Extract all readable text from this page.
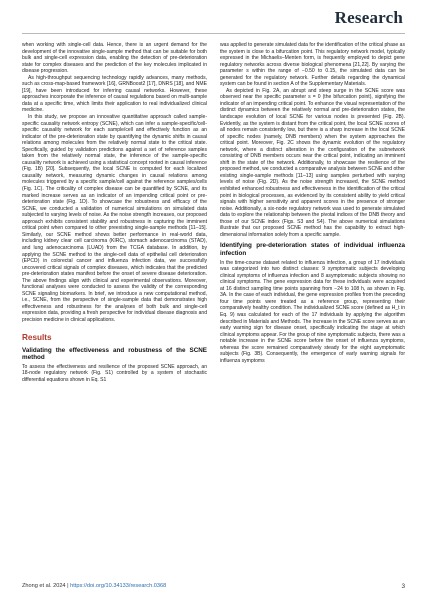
Research

when working with single-cell data. Hence, there is an urgent demand for the development of the innovative single-sample method that can be suitable for both bulk and single-cell expression data, enabling the detection of pre-deterioration state for complex diseases and the prediction of the key molecules implicated in disease progression.

As high-throughput sequencing technology rapidly advances, many methods, such as cross-map-based framework [16], GRNBoost2 [17], DNRS [18], and NME [19], have been introduced for inferring causal networks. However, these approaches incorporate the inference of causal regulations based on multi-sample data at a specific time, which limits their application to real individualized clinical medicine.

In this study, we propose an innovative quantitative approach called sample-specific causality network entropy (SCNE), which can infer a sample-specific/cell-specific causality network for each sample/cell and effectively function as an indicator of the pre-deterioration state by quantifying the dynamic shifts in causal relations among molecules from the relatively normal state to the critical state. Specifically, guided by validation predictions against a set of reference samples taken from the relatively normal state, the inference of the sample-specific causality network is achieved using a statistical concept rooted in causal inference (Fig. 1B) [20]. Subsequently, the local SCNE is computed for each localized causality network, measuring dynamic changes in causal relations among molecules triggered by a specific sample/cell against the reference samples/cells (Fig. 1C). The criticality of complex disease can be quantified by SCNE, and its marked increase serves as an indicator of an impending critical point or pre-deterioration state (Fig. 1D). To showcase the robustness and efficacy of the SCNE, we conducted a validation of numerical simulations on simulated data subjected to varying levels of noise. As the noise strength increases, our proposed approach exhibits consistent stability and robustness in capturing the imminent critical point when compared to other preexisting single-sample methods [11–15]. Similarly, our SCNE method shows better performance in real-world data, including kidney clear cell carcinoma (KIRC), stomach adenocarcinoma (STAD), and lung adenocarcinoma (LUAD) from the TCGA database. In addition, by applying the SCNE method to the single-cell data of epithelial cell deterioration (EPCD) in colorectal cancer and influenza infection data, we successfully uncovered critical signals of complex diseases, which indicates that the predicted pre-deterioration states manifest before the onset of severe disease deterioration. The above findings align with clinical and experimental observations. Moreover, functional analyses were conducted to assess the validity of the corresponding SCNE signaling biomarkers. In brief, we introduce a new computational method, i.e., SCNE, from the perspective of single-sample data that demonstrates high effectiveness and robustness for the analyses of both bulk and single-cell expression data, providing a fresh perspective for individual disease diagnosis and precision medicine in clinical applications.

Results
Validating the effectiveness and robustness of the SCNE method

To assess the effectiveness and resilience of the proposed SCNE approach, an 18-node regulatory network (Fig. S1) controlled by a system of stochastic differential equations shown in Eq. S1

was applied to generate simulated data for the identification of the critical phase as the system is close to a bifurcation point. This regulatory network model, typically expressed in the Michaelis–Menten form, is frequently employed to depict gene regulatory networks across diverse biological phenomena [21,22]. By varying the parameter s within the range of −0.50 to 0.15, the simulated data can be generated for the regulatory network. Further details regarding the dynamical system can be found in section A of the Supplementary Materials.

As depicted in Fig. 2A, an abrupt and steep surge in the SCNE score was observed near the specific parameter s = 0 (the bifurcation point), signifying the indicator of an impending critical point. To enhance the visual representation of the distinct dynamics between the relatively normal and pre-deterioration states, the landscape evolution of local SCNE for various nodes is presented (Fig. 2B). Evidently, as the system is distant from the critical point, the local SCNE scores of all nodes remain consistently low, but there is a sharp increase in the local SCNE of specific nodes (namely, DNB members) when the system approaches the critical point. Moreover, Fig. 2C shows the dynamic evolution of the regulatory network, where a distinct alteration in the configuration of the subnetwork consisting of DNB members occurs near the critical point, indicating an imminent shift in the state of the network. Additionally, to showcase the resilience of the proposed method, we conducted a comparative analysis between SCNE and other existing single-sample methods [11–13] using samples perturbed with varying levels of noise (Fig. 2D). As the noise strength increased, the SCNE method exhibited enhanced robustness and effectiveness in the identification of the critical point in biological processes, as evidenced by its consistent ability to yield critical signals with higher sensitivity and apparent scores in the presence of stronger noise. Additionally, a six-node regulatory network was used to generate simulated data to explore the relationship between the pivotal indices of the DNB theory and those of our SCNE index (Figs. S3 and S4). The above numerical simulations illustrate that our proposed SCNE method has the capability to extract high-dimensional information solely from a specific sample.

Identifying pre-deterioration states of individual influenza infection

In the time-course dataset related to influenza infection, a group of 17 individuals was categorized into two distinct classes: 9 symptomatic subjects developing clinical symptoms of influenza infection and 8 asymptomatic subjects showing no clinical symptoms. The gene expression data for these individuals were acquired at 16 distinct sampling time points spanning from −24 to 108 h, as shown in Fig. 3A. In the case of each individual, the gene expression profiles from the preceding four time points were treated as a reference group, representing their comparatively healthy condition. The individualized SCNE score (defined as H_t in Eq. 9) was calculated for each of the 17 individuals by applying the algorithm described in Materials and Methods. The increase in the SCNE score serves as an early warning sign for disease onset, specifically indicating the stage at which clinical symptoms appear. For the group of nine symptomatic subjects, there was a notable increase in the SCNE score before the onset of influenza symptoms, whereas the score remained comparatively steady for the eight asymptomatic subjects (Fig. 3B). Consequently, the emergence of early warning signals for influenza symptoms

Zhong et al. 2024 | https://doi.org/10.34133/research.0368	3
